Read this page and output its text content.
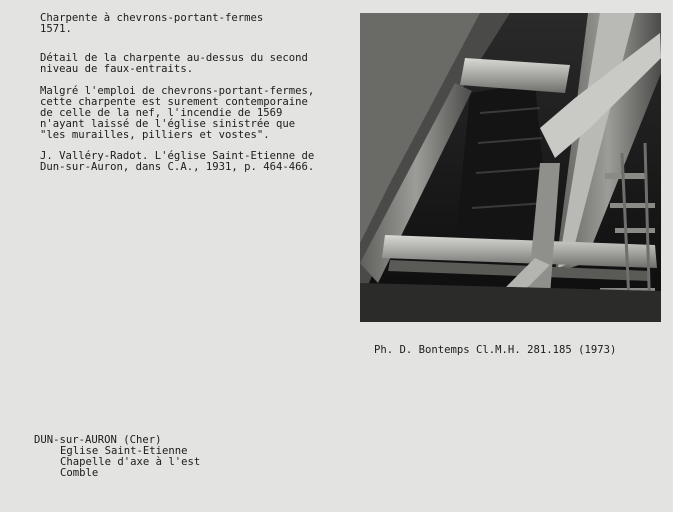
Charpente à chevrons-portant-fermes
1571.
Détail de la charpente au-dessus du second
niveau de faux-entraits.
Malgré l'emploi de chevrons-portant-fermes,
cette charpente est surement contemporaine
de celle de la nef, l'incendie de 1569
n'ayant laissé de l'église sinistrée que
"les murailles, pilliers et vostes".
J. Valléry-Radot. L'église Saint-Etienne de
Dun-sur-Auron, dans C.A., 1931, p. 464-466.
Ph. D. Bontemps Cl.M.H. 281.185 (1973)
DUN-sur-AURON (Cher)
Eglise Saint-Etienne
Chapelle d'axe à l'est
Comble
